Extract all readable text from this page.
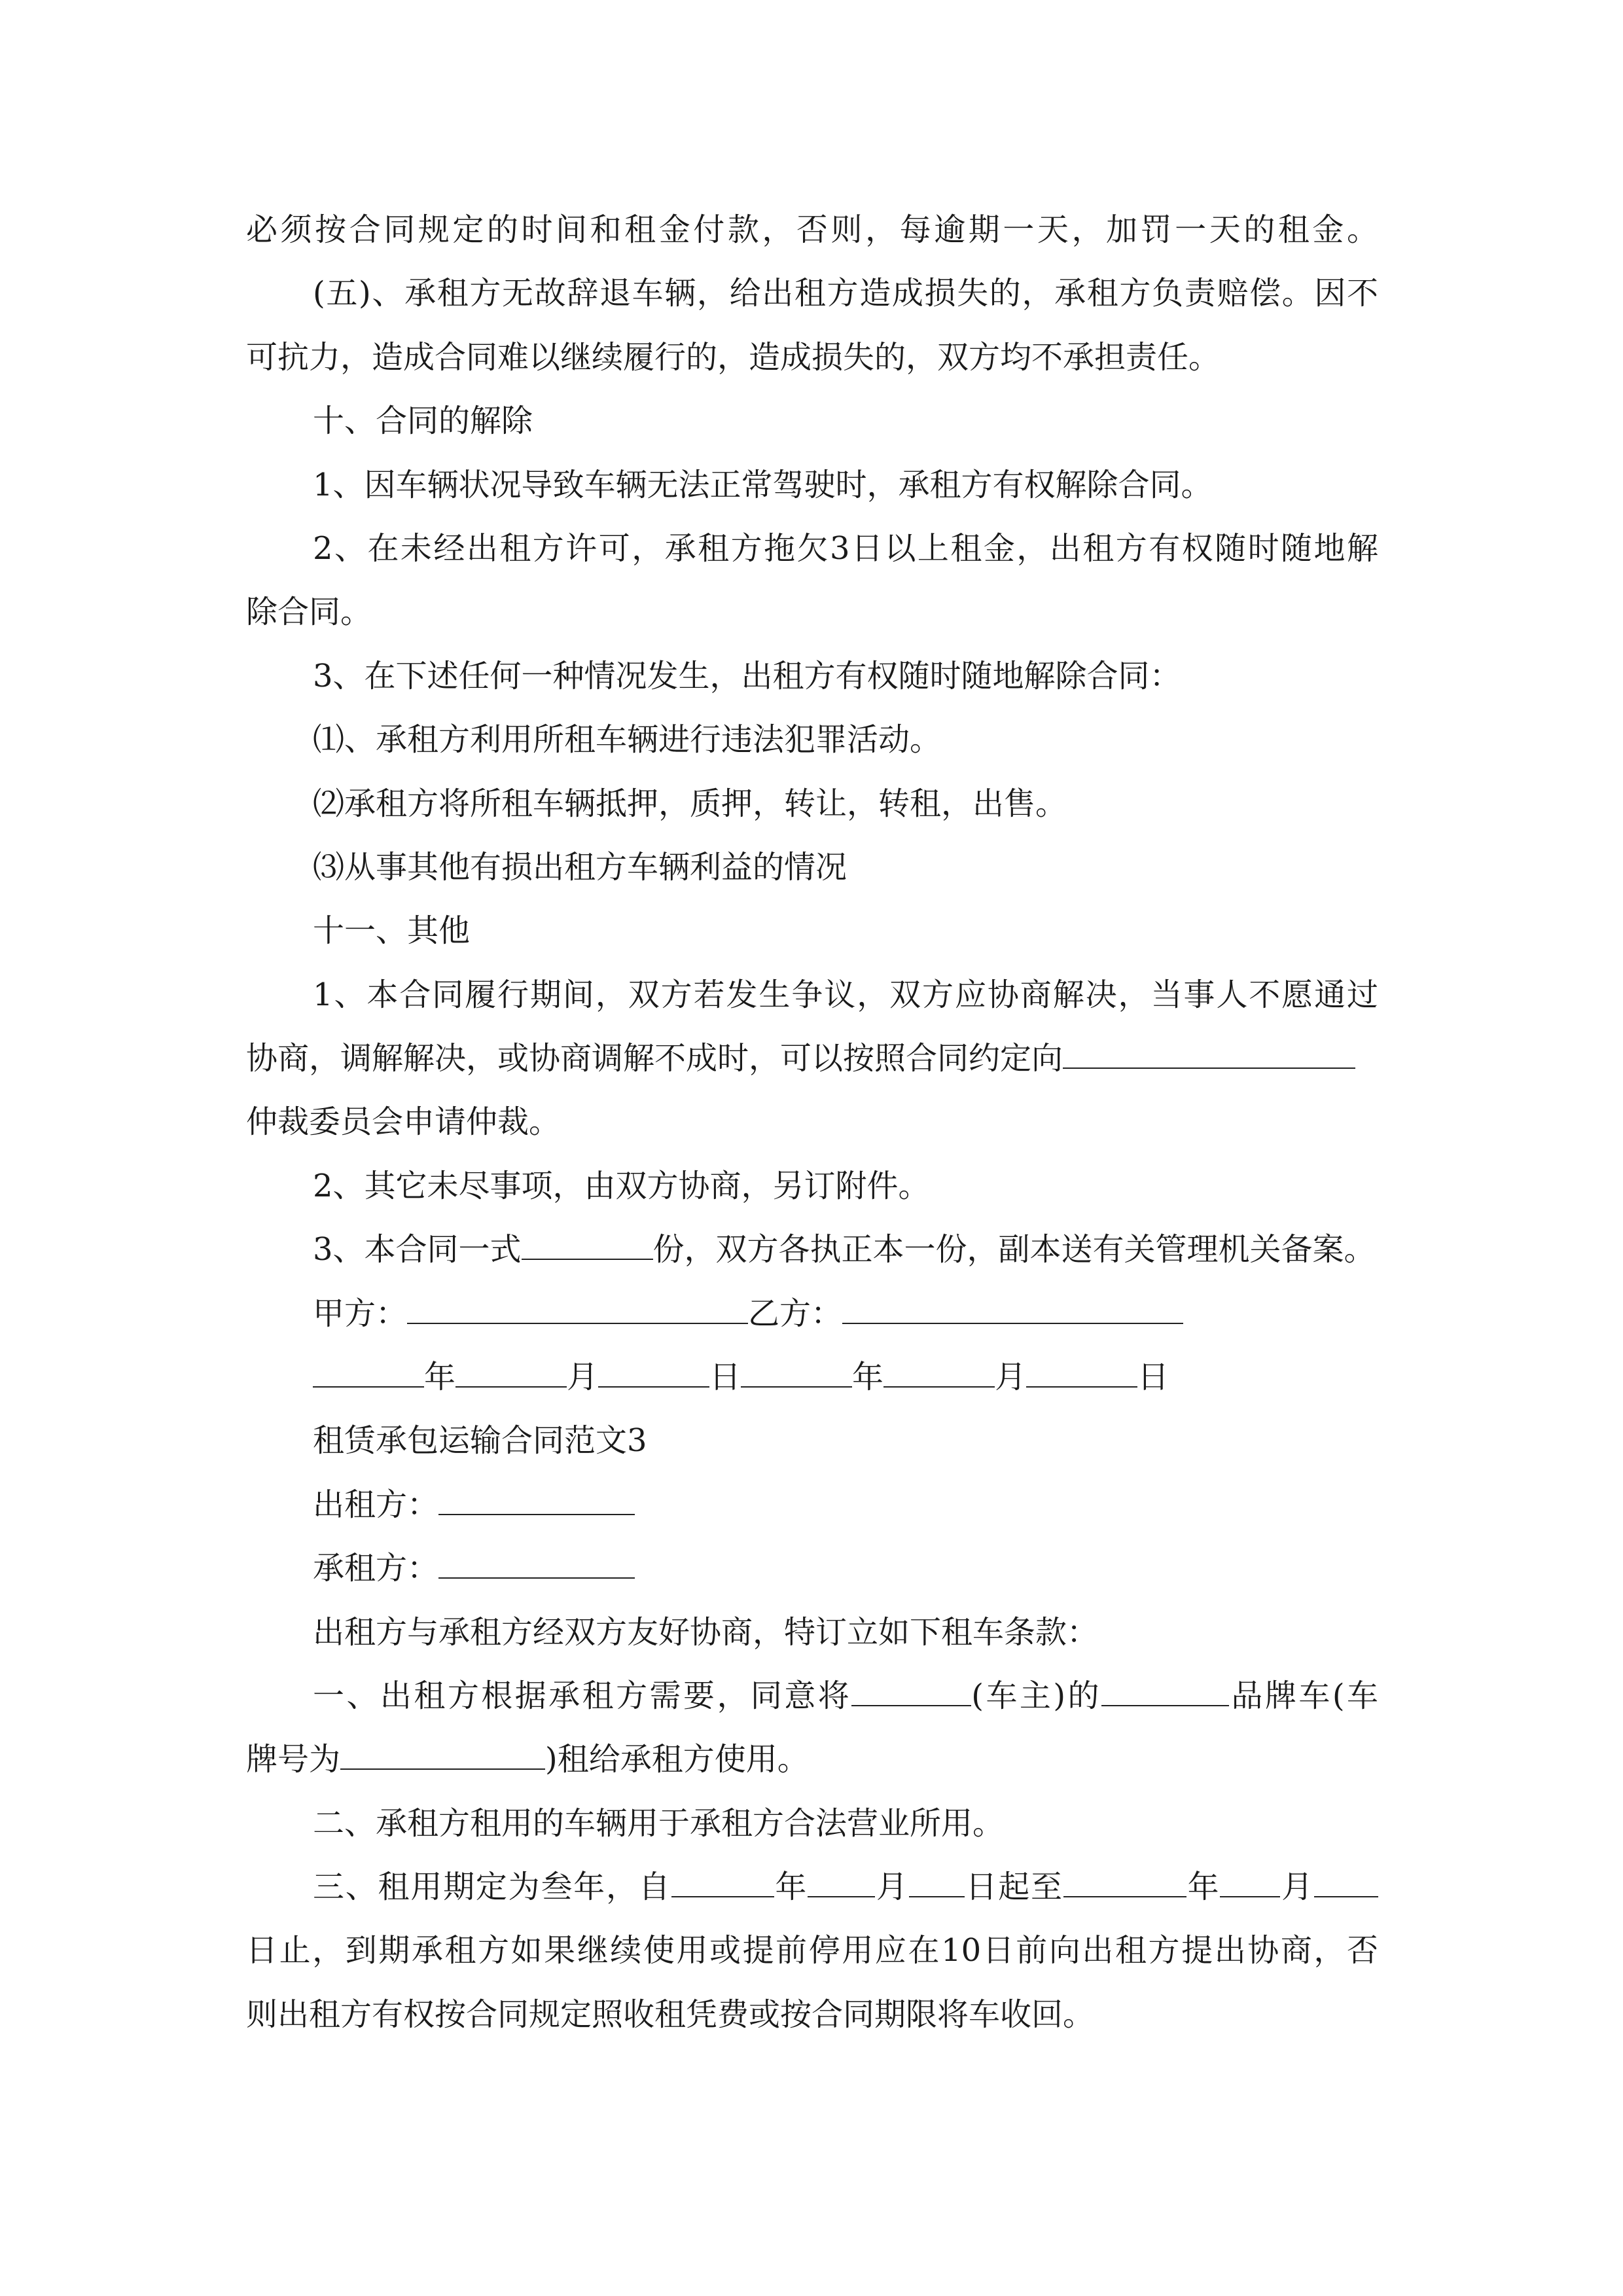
必须按合同规定的时间和租金付款，否则，每逾期一天，加罚一天的租金。
(五)、承租方无故辞退车辆，给出租方造成损失的，承租方负责赔偿。因不
可抗力，造成合同难以继续履行的，造成损失的，双方均不承担责任。
十、合同的解除
1、因车辆状况导致车辆无法正常驾驶时，承租方有权解除合同。
2、在未经出租方许可，承租方拖欠3日以上租金，出租方有权随时随地解
除合同。
3、在下述任何一种情况发生，出租方有权随时随地解除合同：
⑴、承租方利用所租车辆进行违法犯罪活动。
⑵承租方将所租车辆抵押，质押，转让，转租，出售。
⑶从事其他有损出租方车辆利益的情况
十一、其他
1、本合同履行期间，双方若发生争议，双方应协商解决，当事人不愿通过
协商，调解解决，或协商调解不成时，可以按照合同约定向
仲裁委员会申请仲裁。
2、其它未尽事项，由双方协商，另订附件。
3、本合同一式	份，双方各执正本一份，副本送有关管理机关备案。
甲方：	乙方：
年	月	日	年	月	日
租赁承包运输合同范文3
出租方：
承租方：
出租方与承租方经双方友好协商，特订立如下租车条款：
一、出租方根据承租方需要，同意将	(车主)的	品牌车(车
牌号为	)租给承租方使用。
二、承租方租用的车辆用于承租方合法营业所用。
三、租用期定为叁年，自	年 月 日起至	年 月
日止，到期承租方如果继续使用或提前停用应在10日前向出租方提出协商，否
则出租方有权按合同规定照收租凭费或按合同期限将车收回。
